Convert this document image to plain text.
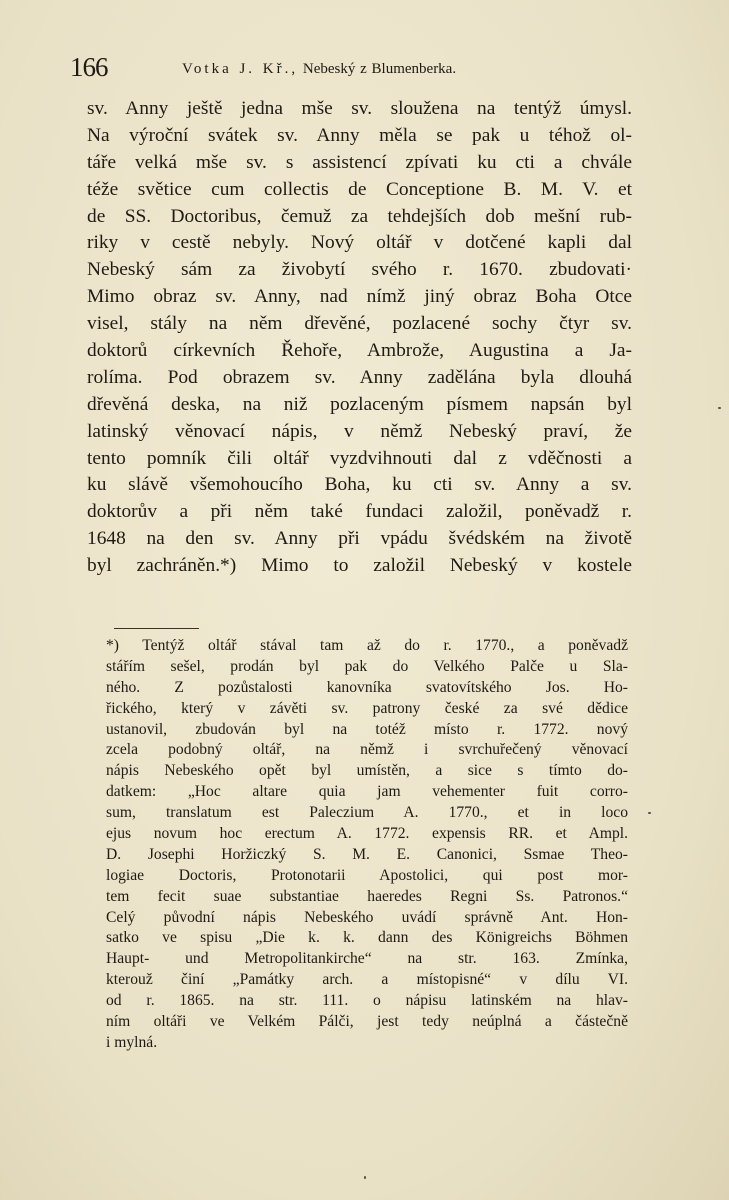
166	Votka J. Kř., Nebeský z Blumenberka.
sv. Anny ještě jedna mše sv. sloužena na tentýž úmysl.
Na výroční svátek sv. Anny měla se pak u téhož ol-
táře velká mše sv. s assistencí zpívati ku cti a chvále
téže světice cum collectis de Conceptione B. M. V. et
de SS. Doctoribus, čemuž za tehdejších dob mešní rub-
riky v cestě nebyly. Nový oltář v dotčené kapli dal
Nebeský sám za živobytí svého r. 1670. zbudovati·
Mimo obraz sv. Anny, nad nímž jiný obraz Boha Otce
visel, stály na něm dřevěné, pozlacené sochy čtyr sv.
doktorů církevních Řehoře, Ambrože, Augustina a Ja-
rolíma. Pod obrazem sv. Anny zadělána byla dlouhá
dřevěná deska, na niž pozlaceným písmem napsán byl
latinský věnovací nápis, v němž Nebeský praví, že
tento pomník čili oltář vyzdvihnouti dal z vděčnosti a
ku slávě všemohoucího Boha, ku cti sv. Anny a sv.
doktorův a při něm také fundaci založil, poněvadž r.
1648 na den sv. Anny při vpádu švédském na životě
byl zachráněn.*) Mimo to založil Nebeský v kostele
*) Tentýž oltář stával tam až do r. 1770., a poněvadž
stářím sešel, prodán byl pak do Velkého Palče u Sla-
ného. Z pozůstalosti kanovníka svatovítského Jos. Ho-
řického, který v závěti sv. patrony české za své dědice
ustanovil, zbudován byl na totéž místo r. 1772. nový
zcela podobný oltář, na němž i svrchuřečený věnovací
nápis Nebeského opět byl umístěn, a sice s tímto do-
datkem: „Hoc altare quia jam vehementer fuit corro-
sum, translatum est Paleczium A. 1770., et in loco
ejus novum hoc erectum A. 1772. expensis RR. et Ampl.
D. Josephi Horžiczký S. M. E. Canonici, Ssmae Theo-
logiae Doctoris, Protonotarii Apostolici, qui post mor-
tem fecit suae substantiae haeredes Regni Ss. Patronos.“
Celý původní nápis Nebeského uvádí správně Ant. Hon-
satko ve spisu „Die k. k. dann des Königreichs Böhmen
Haupt- und Metropolitankirche“ na str. 163. Zmínka,
kterouž činí „Památky arch. a místopisné“ v dílu VI.
od r. 1865. na str. 111. o nápisu latinském na hlav-
ním oltáři ve Velkém Pálči, jest tedy neúplná a částečně
i mylná.
